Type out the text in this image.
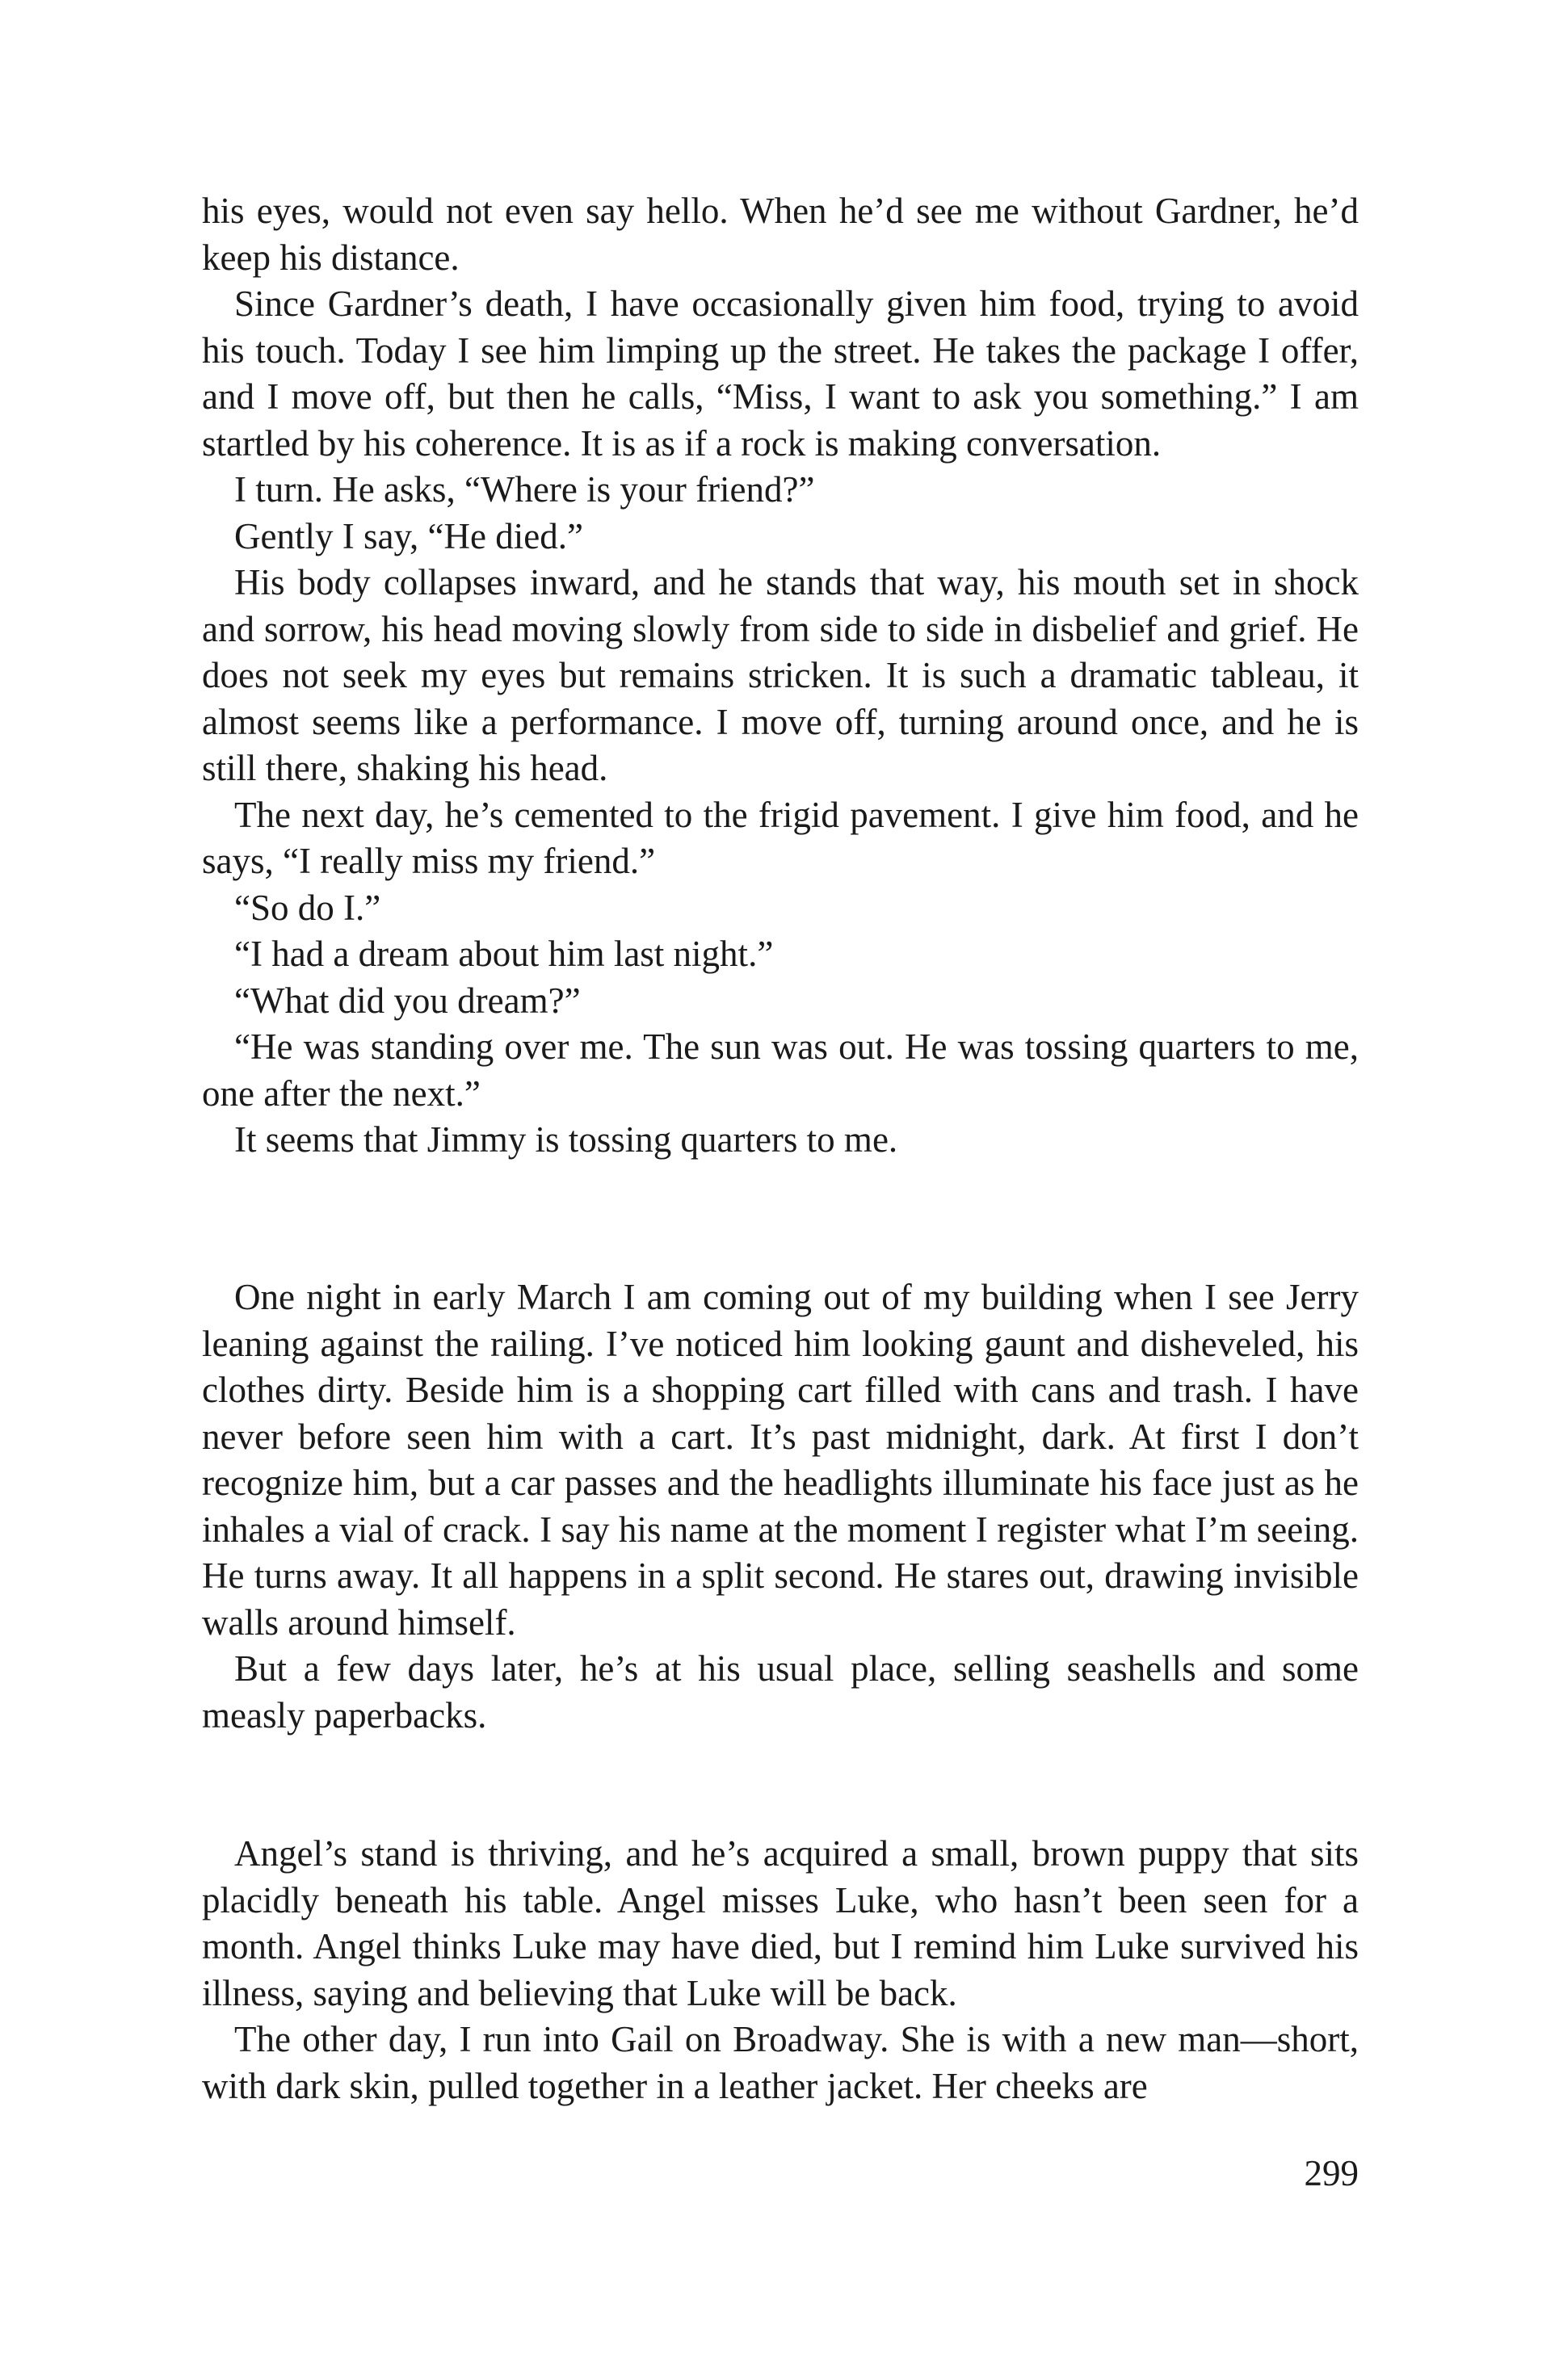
his eyes, would not even say hello. When he’d see me without Gardner, he’d keep his distance.

Since Gardner’s death, I have occasionally given him food, trying to avoid his touch. Today I see him limping up the street. He takes the package I offer, and I move off, but then he calls, “Miss, I want to ask you something.” I am startled by his coherence. It is as if a rock is making conversation.

I turn. He asks, “Where is your friend?”

Gently I say, “He died.”

His body collapses inward, and he stands that way, his mouth set in shock and sorrow, his head moving slowly from side to side in disbelief and grief. He does not seek my eyes but remains stricken. It is such a dramatic tableau, it almost seems like a performance. I move off, turning around once, and he is still there, shaking his head.

The next day, he’s cemented to the frigid pavement. I give him food, and he says, “I really miss my friend.”

“So do I.”

“I had a dream about him last night.”

“What did you dream?”

“He was standing over me. The sun was out. He was tossing quarters to me, one after the next.”

It seems that Jimmy is tossing quarters to me.

One night in early March I am coming out of my building when I see Jerry leaning against the railing. I’ve noticed him looking gaunt and disheveled, his clothes dirty. Beside him is a shopping cart filled with cans and trash. I have never before seen him with a cart. It’s past midnight, dark. At first I don’t recognize him, but a car passes and the headlights illuminate his face just as he inhales a vial of crack. I say his name at the moment I register what I’m seeing. He turns away. It all happens in a split second. He stares out, drawing invisible walls around himself.

But a few days later, he’s at his usual place, selling seashells and some measly paperbacks.

Angel’s stand is thriving, and he’s acquired a small, brown puppy that sits placidly beneath his table. Angel misses Luke, who hasn’t been seen for a month. Angel thinks Luke may have died, but I remind him Luke survived his illness, saying and believing that Luke will be back.

The other day, I run into Gail on Broadway. She is with a new man—short, with dark skin, pulled together in a leather jacket. Her cheeks are

299
